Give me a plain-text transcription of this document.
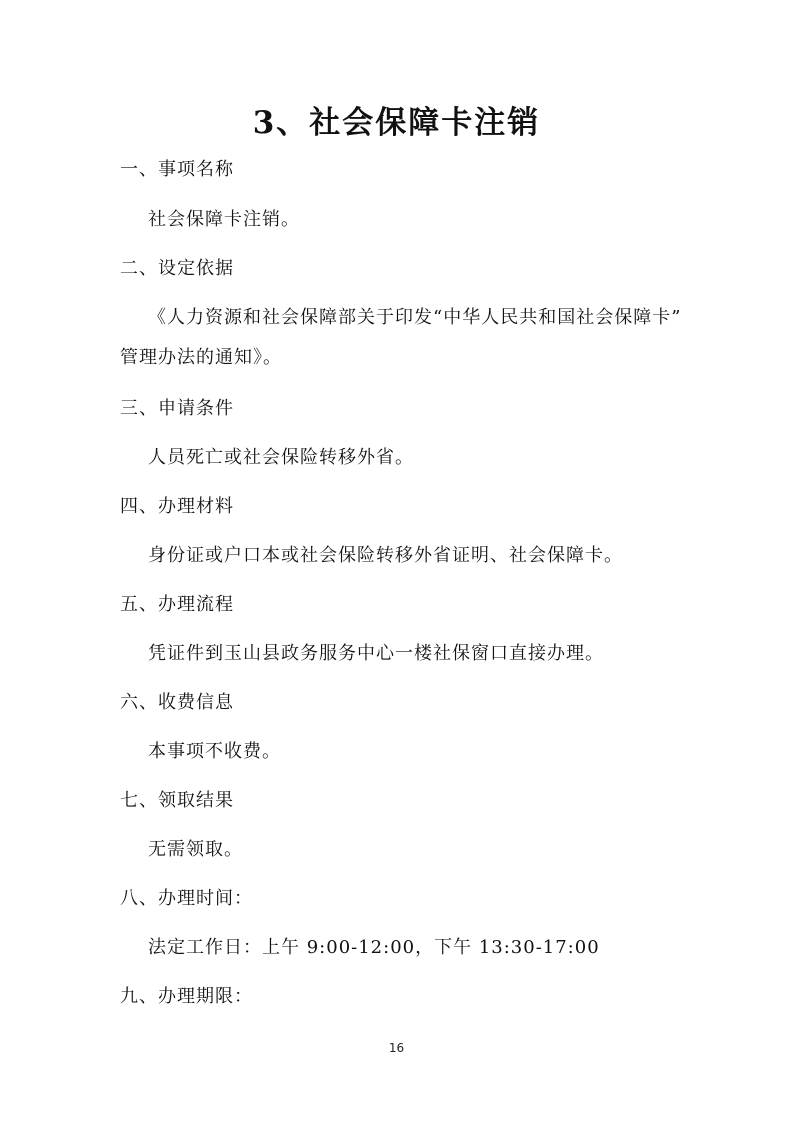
3、社会保障卡注销
一、事项名称
社会保障卡注销。
二、设定依据
《人力资源和社会保障部关于印发“中华人民共和国社会保障卡”
管理办法的通知》。
三、申请条件
人员死亡或社会保险转移外省。
四、办理材料
身份证或户口本或社会保险转移外省证明、社会保障卡。
五、办理流程
凭证件到玉山县政务服务中心一楼社保窗口直接办理。
六、收费信息
本事项不收费。
七、领取结果
无需领取。
八、办理时间：
法定工作日：上午 9:00-12:00，下午 13:30-17:00
九、办理期限：
16
